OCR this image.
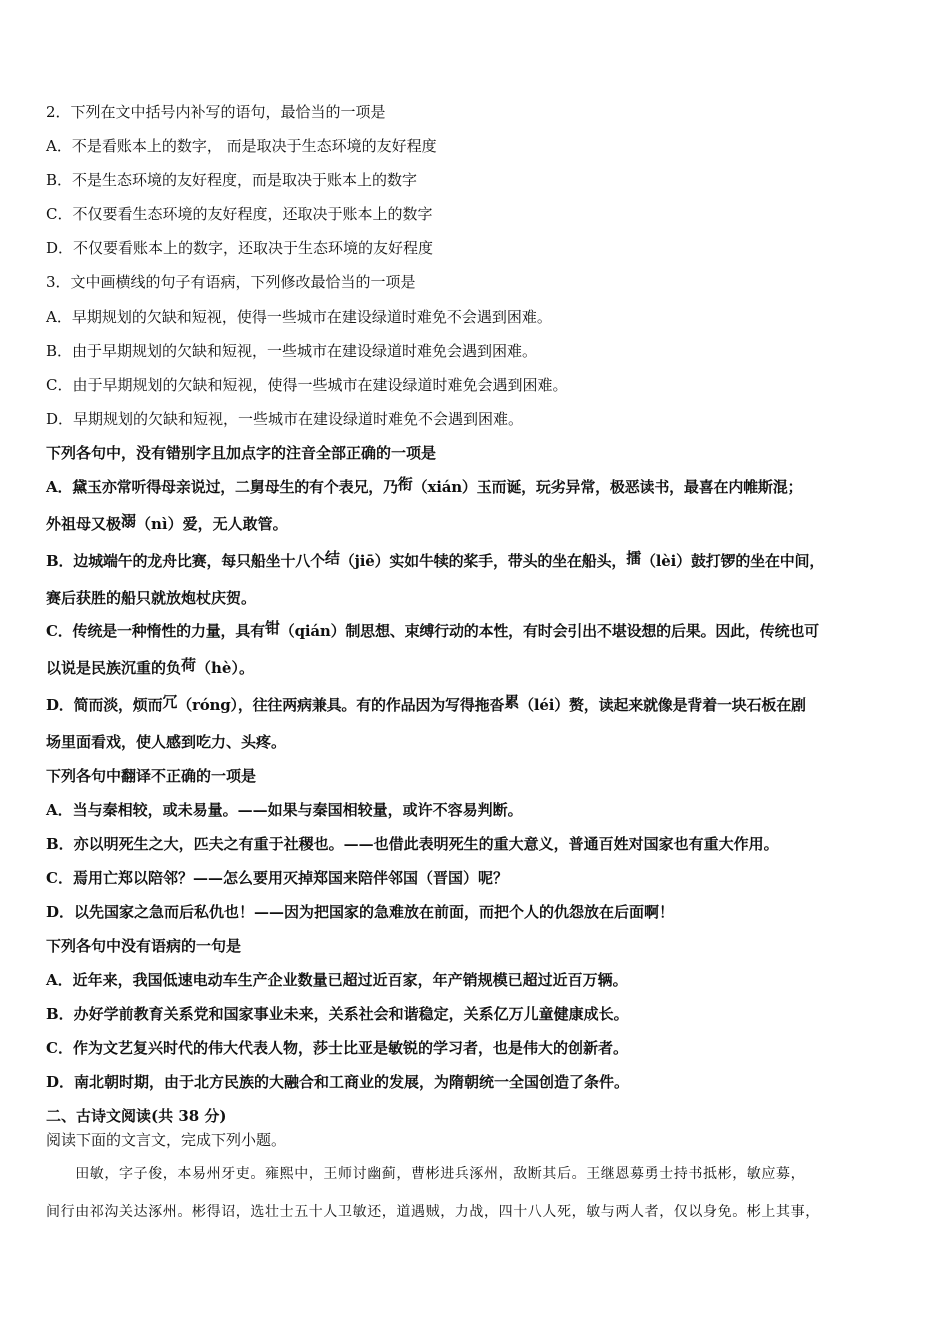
2．下列在文中括号内补写的语句，最恰当的一项是
A．不是看账本上的数字， 而是取决于生态环境的友好程度
B．不是生态环境的友好程度，而是取决于账本上的数字
C．不仅要看生态环境的友好程度，还取决于账本上的数字
D．不仅要看账本上的数字，还取决于生态环境的友好程度
3．文中画横线的句子有语病，下列修改最恰当的一项是
A．早期规划的欠缺和短视，使得一些城市在建设绿道时难免不会遇到困难。
B．由于早期规划的欠缺和短视，一些城市在建设绿道时难免会遇到困难。
C．由于早期规划的欠缺和短视，使得一些城市在建设绿道时难免会遇到困难。
D．早期规划的欠缺和短视，一些城市在建设绿道时难免不会遇到困难。
下列各句中，没有错别字且加点字的注音全部正确的一项是
A．黛玉亦常听得母亲说过，二舅母生的有个表兄，乃衔（xián）玉而诞，玩劣异常，极恶读书，最喜在内帷斯混；
外祖母又极溺（nì）爱，无人敢管。
B．边城端午的龙舟比赛，每只船坐十八个结（jiē）实如牛犊的桨手，带头的坐在船头，擂（lèi）鼓打锣的坐在中间，
赛后获胜的船只就放炮杖庆贺。
C．传统是一种惰性的力量，具有钳（qián）制思想、束缚行动的本性，有时会引出不堪设想的后果。因此，传统也可
以说是民族沉重的负荷（hè）。
D．简而淡，烦而冗（róng），往往两病兼具。有的作品因为写得拖沓累（léi）赘，读起来就像是背着一块石板在剧
场里面看戏，使人感到吃力、头疼。
下列各句中翻译不正确的一项是
A．当与秦相较，或未易量。——如果与秦国相较量，或许不容易判断。
B．亦以明死生之大，匹夫之有重于社稷也。——也借此表明死生的重大意义，普通百姓对国家也有重大作用。
C．焉用亡郑以陪邻？——怎么要用灭掉郑国来陪伴邻国（晋国）呢？
D．以先国家之急而后私仇也！——因为把国家的急难放在前面，而把个人的仇怨放在后面啊！
下列各句中没有语病的一句是
A．近年来，我国低速电动车生产企业数量已超过近百家，年产销规模已超过近百万辆。
B．办好学前教育关系党和国家事业未来，关系社会和谐稳定，关系亿万儿童健康成长。
C．作为文艺复兴时代的伟大代表人物，莎士比亚是敏锐的学习者，也是伟大的创新者。
D．南北朝时期，由于北方民族的大融合和工商业的发展，为隋朝统一全国创造了条件。
二、古诗文阅读(共 38 分)
阅读下面的文言文，完成下列小题。
　　田敏，字子俊，本易州牙吏。雍熙中，王师讨幽蓟，曹彬进兵涿州，敌断其后。王继恩募勇士持书抵彬，敏应募，
间行由祁沟关达涿州。彬得诏，选壮士五十人卫敏还，道遇贼，力战，四十八人死，敏与两人者，仅以身免。彬上其事，
